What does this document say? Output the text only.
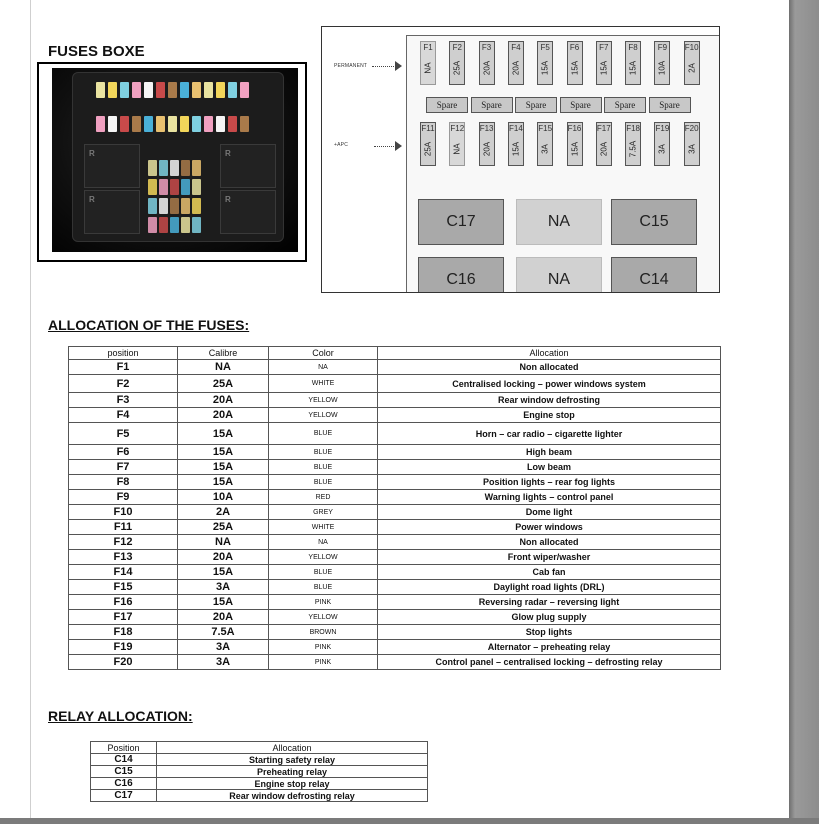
FUSES BOXE
R	R
R	R
PERMANENT
+APC
F1
NA
F2
25A
F3
20A
F4
20A
F5
15A
F6
15A
F7
15A
F8
15A
F9
10A
F10
2A
F11
25A
F12
NA
F13
20A
F14
15A
F15
3A
F16
15A
F17
20A
F18
7.5A
F19
3A
F20
3A
Spare	Spare	Spare	Spare	Spare	Spare
C17	NA	C15
C16	NA	C14
ALLOCATION OF THE FUSES:
position	Calibre	Color	Allocation
F1	NA	NA	Non allocated
F2	25A	WHITE	Centralised locking – power windows system
F3	20A	YELLOW	Rear window defrosting
F4	20A	YELLOW	Engine stop
F5	15A	BLUE	Horn – car radio – cigarette lighter
F6	15A	BLUE	High beam
F7	15A	BLUE	Low beam
F8	15A	BLUE	Position lights – rear fog lights
F9	10A	RED	Warning lights – control panel
F10	2A	GREY	Dome light
F11	25A	WHITE	Power windows
F12	NA	NA	Non allocated
F13	20A	YELLOW	Front wiper/washer
F14	15A	BLUE	Cab fan
F15	3A	BLUE	Daylight road lights (DRL)
F16	15A	PINK	Reversing radar – reversing light
F17	20A	YELLOW	Glow plug supply
F18	7.5A	BROWN	Stop lights
F19	3A	PINK	Alternator – preheating relay
F20	3A	PINK	Control panel – centralised locking – defrosting relay
RELAY ALLOCATION:
Position	Allocation
C14	Starting safety relay
C15	Preheating relay
C16	Engine stop relay
C17	Rear window defrosting relay
